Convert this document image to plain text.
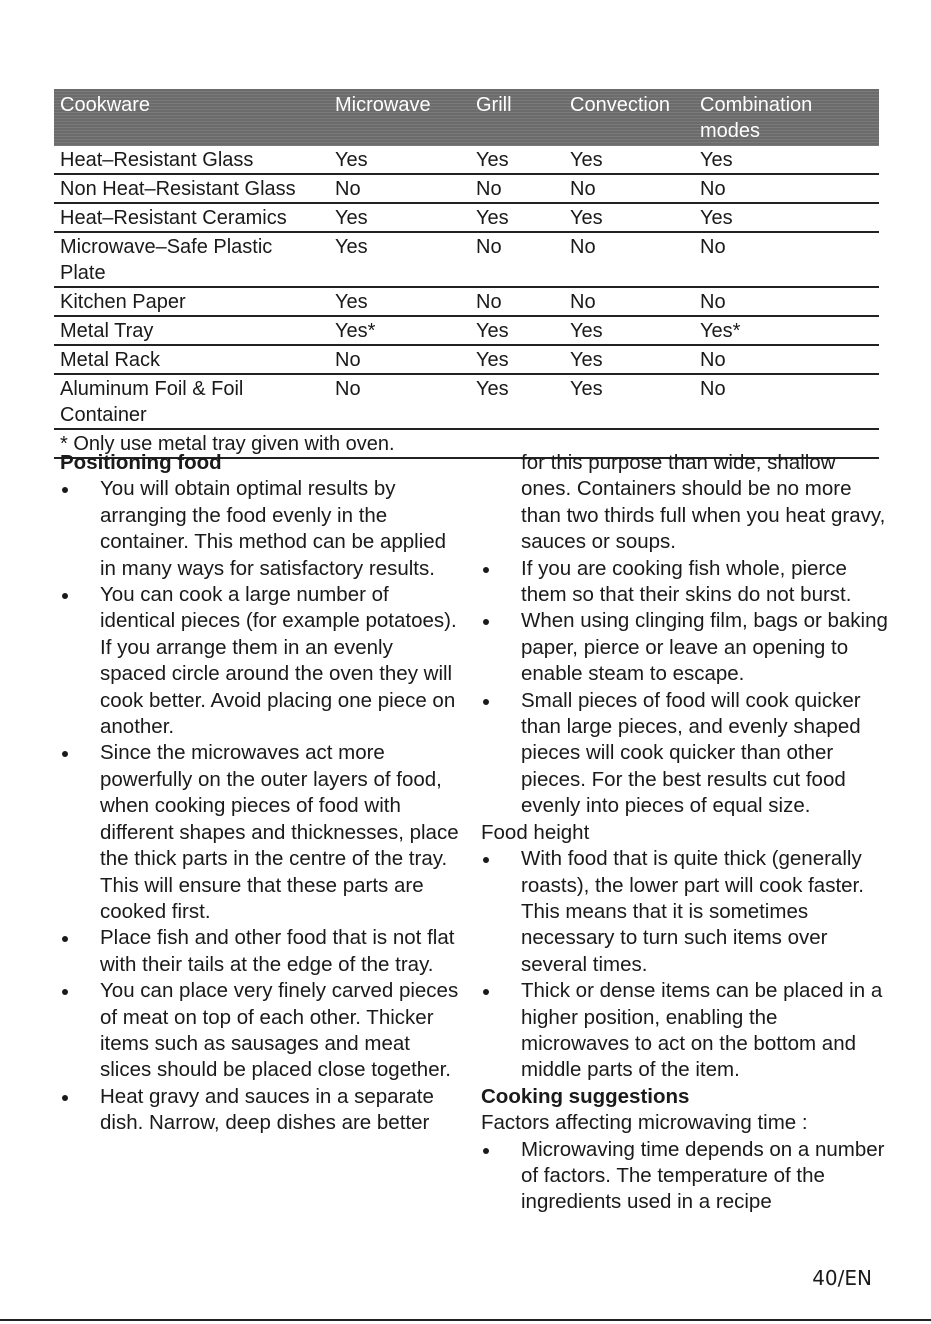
Cookware	Microwave	Grill	Convection	Combination modes
Heat–Resistant Glass	Yes	Yes	Yes	Yes
Non Heat–Resistant Glass	No	No	No	No
Heat–Resistant Ceramics	Yes	Yes	Yes	Yes
Microwave–Safe Plastic Plate	Yes	No	No	No
Kitchen Paper	Yes	No	No	No
Metal Tray	Yes*	Yes	Yes	Yes*
Metal Rack	No	Yes	Yes	No
Aluminum Foil & Foil Container	No	Yes	Yes	No
* Only use metal tray given with oven.				

Positioning food

You will obtain optimal results by arranging the food evenly in the container. This method can be applied in many ways for satisfactory results.
You can cook a large number of identical pieces (for example potatoes). If you arrange them in an evenly spaced circle around the oven they will cook better. Avoid placing one piece on another.
Since the microwaves act more powerfully on the outer layers of food, when cooking pieces of food with different shapes and thicknesses, place the thick parts in the centre of the tray. This will ensure that these parts are cooked first.
Place fish and other food that is not flat with their tails at the edge of the tray.
You can place very finely carved pieces of meat on top of each other. Thicker items such as sausages and meat slices should be placed close together.
Heat gravy and sauces in a separate dish. Narrow, deep dishes are better

for this purpose than wide, shallow ones. Containers should be no more than two thirds full when you heat gravy, sauces or soups.

If you are cooking fish whole, pierce them so that their skins do not burst.
When using clinging film, bags or baking paper, pierce or leave an opening to enable steam to escape.
Small pieces of food will cook quicker than large pieces, and evenly shaped pieces will cook quicker than other pieces. For the best results cut food evenly into pieces of equal size.

Food height

With food that is quite thick (generally roasts), the lower part will cook faster. This means that it is sometimes necessary to turn such items over several times.
Thick or dense items can be placed in a higher position, enabling the microwaves to act on the bottom and middle parts of the item.

Cooking suggestions

Factors affecting microwaving time :

Microwaving time depends on a number of factors. The temperature of the ingredients used in a recipe
40/EN
